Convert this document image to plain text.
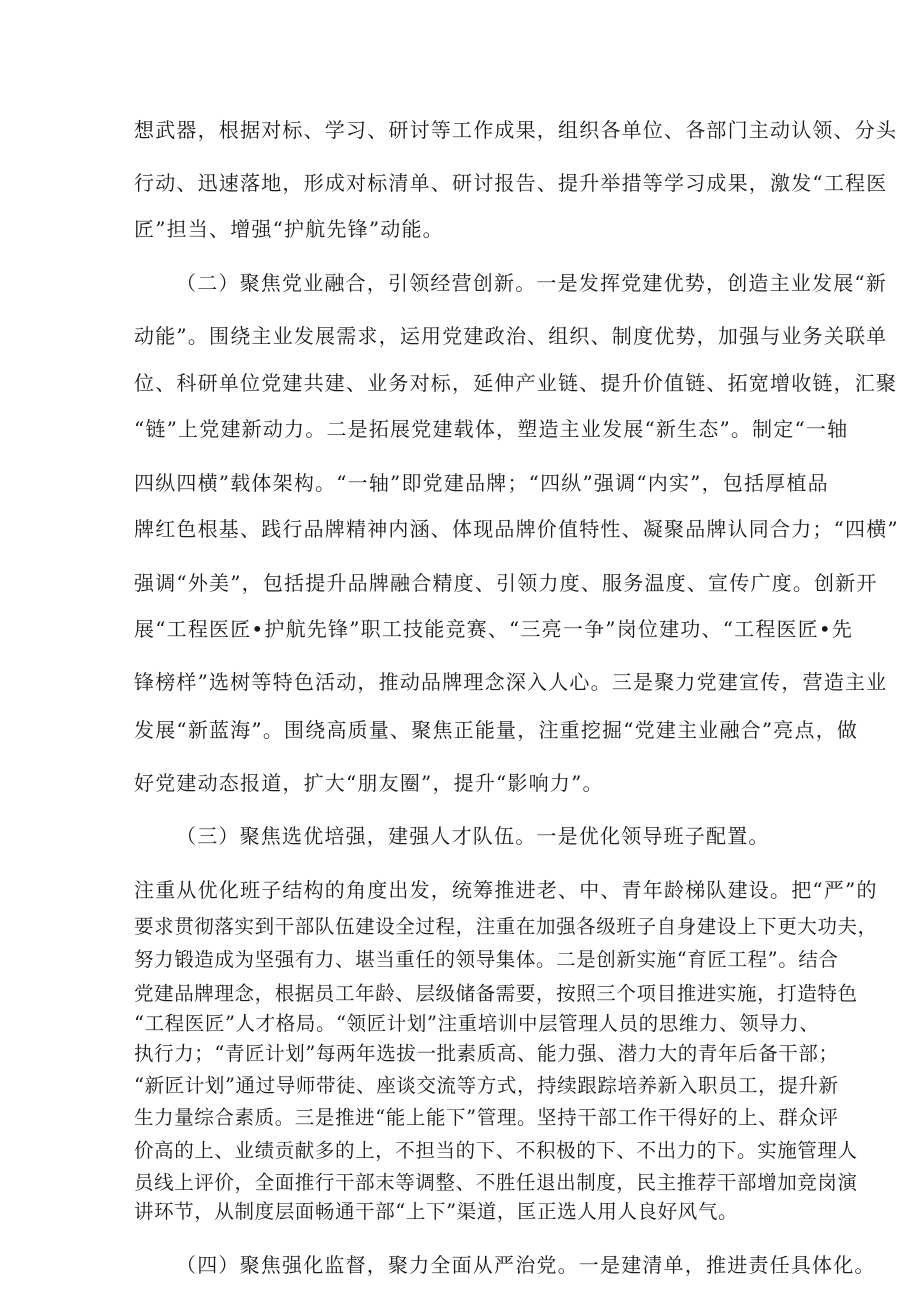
想武器，根据对标、学习、研讨等工作成果，组织各单位、各部门主动认领、分头
行动、迅速落地，形成对标清单、研讨报告、提升举措等学习成果，激发“工程医
匠”担当、增强“护航先锋”动能。
（二）聚焦党业融合，引领经营创新。一是发挥党建优势，创造主业发展“新
动能”。围绕主业发展需求，运用党建政治、组织、制度优势，加强与业务关联单
位、科研单位党建共建、业务对标，延伸产业链、提升价值链、拓宽增收链，汇聚
“链”上党建新动力。二是拓展党建载体，塑造主业发展“新生态”。制定“一轴
四纵四横”载体架构。“一轴”即党建品牌；“四纵”强调“内实”，包括厚植品
牌红色根基、践行品牌精神内涵、体现品牌价值特性、凝聚品牌认同合力；“四横”
强调“外美”，包括提升品牌融合精度、引领力度、服务温度、宣传广度。创新开
展“工程医匠•护航先锋”职工技能竞赛、“三亮一争”岗位建功、“工程医匠•先
锋榜样”选树等特色活动，推动品牌理念深入人心。三是聚力党建宣传，营造主业
发展“新蓝海”。围绕高质量、聚焦正能量，注重挖掘“党建主业融合”亮点，做
好党建动态报道，扩大“朋友圈”，提升“影响力”。
（三）聚焦选优培强，建强人才队伍。一是优化领导班子配置。
注重从优化班子结构的角度出发，统筹推进老、中、青年龄梯队建设。把“严”的
要求贯彻落实到干部队伍建设全过程，注重在加强各级班子自身建设上下更大功夫，
努力锻造成为坚强有力、堪当重任的领导集体。二是创新实施“育匠工程”。结合
党建品牌理念，根据员工年龄、层级储备需要，按照三个项目推进实施，打造特色
“工程医匠”人才格局。“领匠计划”注重培训中层管理人员的思维力、领导力、
执行力；“青匠计划”每两年选拔一批素质高、能力强、潜力大的青年后备干部；
“新匠计划”通过导师带徒、座谈交流等方式，持续跟踪培养新入职员工，提升新
生力量综合素质。三是推进“能上能下”管理。坚持干部工作干得好的上、群众评
价高的上、业绩贡献多的上，不担当的下、不积极的下、不出力的下。实施管理人
员线上评价，全面推行干部末等调整、不胜任退出制度，民主推荐干部增加竞岗演
讲环节，从制度层面畅通干部“上下”渠道，匡正选人用人良好风气。
（四）聚焦强化监督，聚力全面从严治党。一是建清单，推进责任具体化。
